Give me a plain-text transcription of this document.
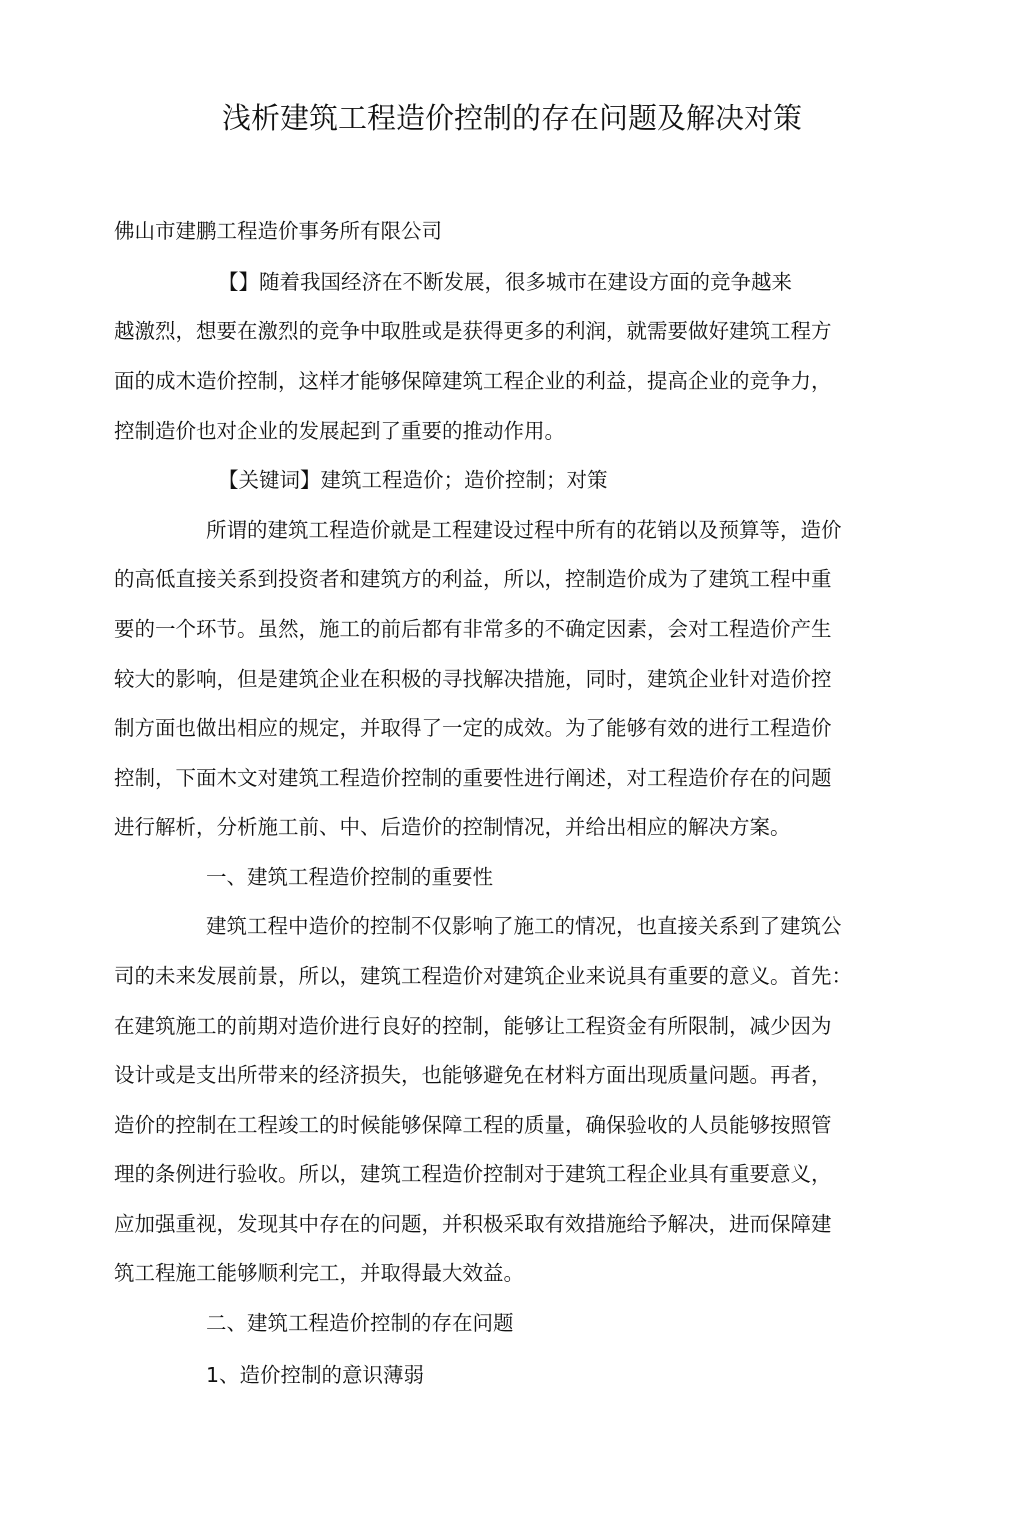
浅析建筑工程造价控制的存在问题及解决对策
佛山市建鹏工程造价事务所有限公司
【】随着我国经济在不断发展，很多城市在建设方面的竞争越来
越激烈，想要在激烈的竞争中取胜或是获得更多的利润，就需要做好建筑工程方
面的成木造价控制，这样才能够保障建筑工程企业的利益，提高企业的竞争力，
控制造价也对企业的发展起到了重要的推动作用。
【关键词】建筑工程造价；造价控制；对策
所谓的建筑工程造价就是工程建设过程中所有的花销以及预算等，造价
的高低直接关系到投资者和建筑方的利益，所以，控制造价成为了建筑工程中重
要的一个环节。虽然，施工的前后都有非常多的不确定因素，会对工程造价产生
较大的影响，但是建筑企业在积极的寻找解决措施，同时，建筑企业针对造价控
制方面也做出相应的规定，并取得了一定的成效。为了能够有效的进行工程造价
控制，下面木文对建筑工程造价控制的重要性进行阐述，对工程造价存在的问题
进行解析，分析施工前、中、后造价的控制情况，并给出相应的解决方案。
一、建筑工程造价控制的重要性
建筑工程中造价的控制不仅影响了施工的情况，也直接关系到了建筑公
司的未来发展前景，所以，建筑工程造价对建筑企业来说具有重要的意义。首先：
在建筑施工的前期对造价进行良好的控制，能够让工程资金有所限制，减少因为
设计或是支出所带来的经济损失，也能够避免在材料方面出现质量问题。再者，
造价的控制在工程竣工的时候能够保障工程的质量，确保验收的人员能够按照管
理的条例进行验收。所以，建筑工程造价控制对于建筑工程企业具有重要意义，
应加强重视，发现其中存在的问题，并积极采取有效措施给予解决，进而保障建
筑工程施工能够顺利完工，并取得最大效益。
二、建筑工程造价控制的存在问题
1、造价控制的意识薄弱
